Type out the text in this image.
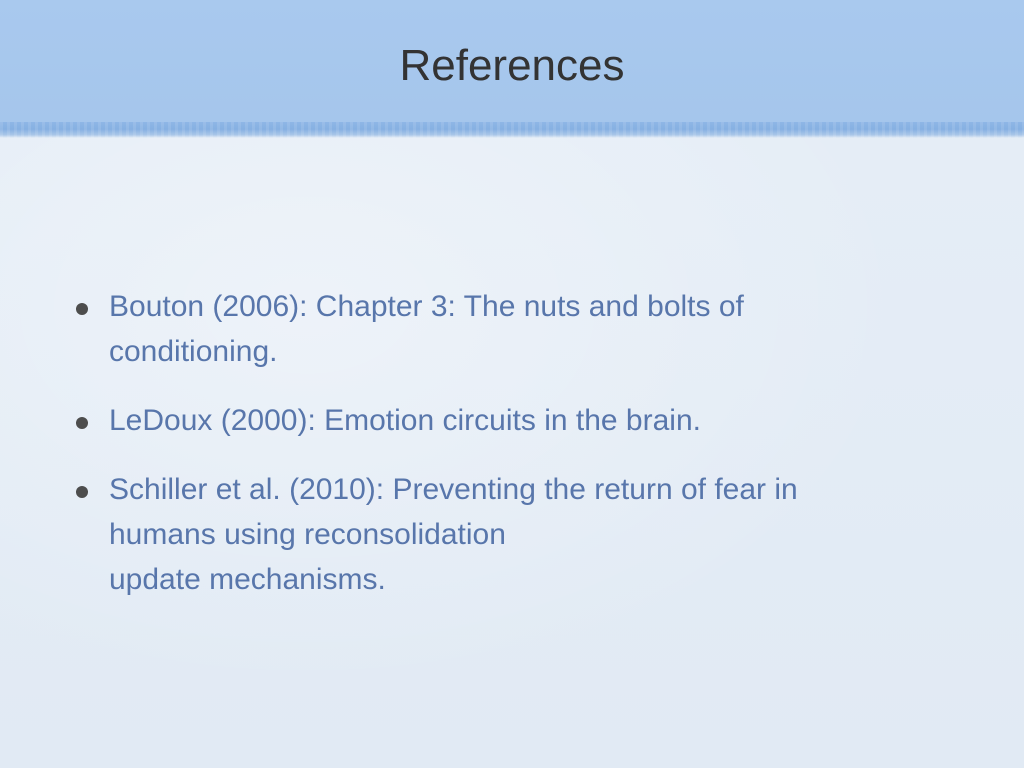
References
Bouton (2006): Chapter 3: The nuts and bolts of
conditioning.
LeDoux (2000): Emotion circuits in the brain.
Schiller et al. (2010): Preventing the return of fear in
humans using reconsolidation
update mechanisms.
